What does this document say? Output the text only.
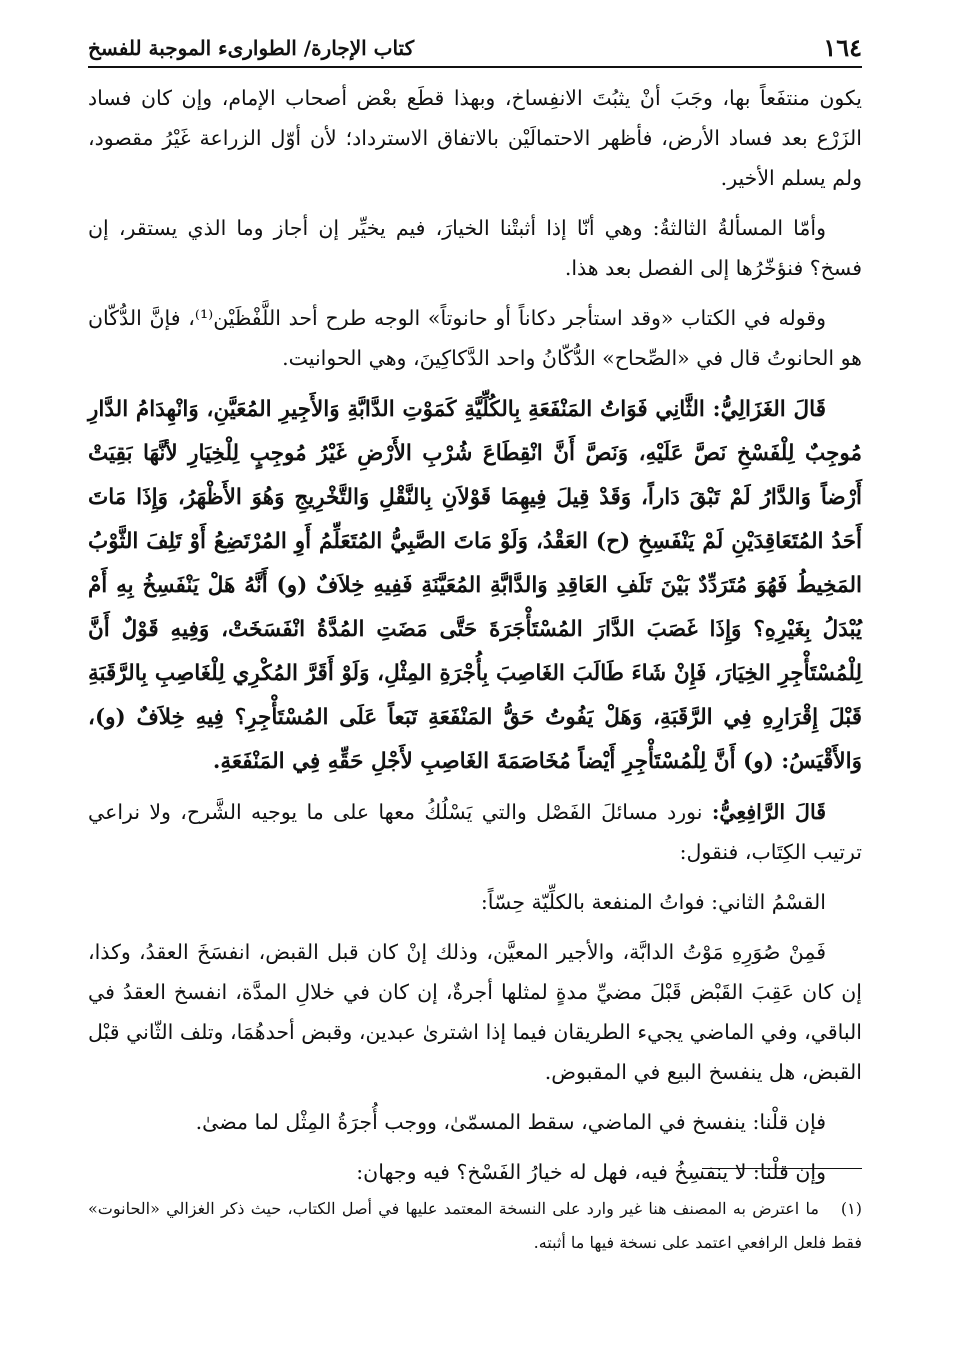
١٦٤
كتاب الإجارة/ الطوارىء الموجبة للفسخ

يكون منتفَعاً بها، وجَبَ أنْ يثبُتَ الانفِساخ، وبهذا قطَع بعْض أصحاب الإمام، وإن كان فساد الزَرْع بعد فساد الأرض، فأظهر الاحتمالَيْن بالاتفاق الاسترداد؛ لأن أوّل الزراعة غَيْرُ مقصود، ولم يسلم الأخير.

وأمّا المسألةُ الثالثةُ: وهي أنّا إذا أثبتْنا الخيارَ، فيم يخيِّر إن أجاز وما الذي يستقر، إن فسخ؟ فنؤخّرُها إلى الفصل بعد هذا.

وقوله في الكتاب «وقد استأجر دكاناً أو حانوتاً» الوجه طرح أحد اللَّفْظَيْن⁽¹⁾، فإنَّ الدُّكّان هو الحانوتُ قال في «الصِّحاح» الدُّكّانُ واحد الدَّكاكِينَ، وهي الحوانيت.

قَالَ الغَزَالِيُّ: الثَّانِي فَوَاتُ المَنْفَعَةِ بِالكُلِّيَّةِ كَمَوْتِ الدَّابَّةِ وَالأَجِيرِ المُعَيَّنِ، وَانْهِدَامُ الدَّارِ مُوجِبٌ لِلْفَسْخِ نَصَّ عَلَيْهِ، وَنَصَّ أَنَّ انْقِطَاعَ شُرْبِ الأَرْضِ غَيْرُ مُوجِبٍ لِلْخِيَارِ لأنَّهَا بَقِيَتْ أَرْضاً وَالدَّارُ لَمْ تَبْقَ دَاراً، وَقَدْ قِيلَ فِيهِمَا قَوْلاَنِ بِالنَّقْلِ وَالتَّخْرِيجِ وَهُوَ الأَظْهَرُ، وَإِذَا مَاتَ أَحَدُ المُتَعَاقِدَيْنِ لَمْ يَنْفَسِخِ (ح) العَقْدُ، وَلَوْ مَاتَ الصَّبِيُّ المُتَعَلِّمُ أَوِ المُرْتَضِعُ أَوْ تَلِفَ الثَّوْبُ المَخِيطُ فَهُوَ مُتَرَدِّدٌ بَيْنَ تَلَفِ العَاقِدِ وَالدَّابَّةِ المُعَيَّنَةِ فَفِيهِ خِلاَفٌ (و) أَنَّهُ هَلْ يَنْفَسِخُ بِهِ أَمْ يُبْدَلُ بِغَيْرِهِ؟ وَإِذَا غَصَبَ الدَّارَ المُسْتَأْجَرَةَ حَتَّى مَضَتِ المُدَّةُ انْفَسَخَتْ، وَفِيهِ قَوْلٌ أَنَّ لِلْمُسْتَأْجِرِ الخِيَارَ، فَإِنْ شَاءَ طَالَبَ الغَاصِبَ بِأُجْرَةِ المِثْلِ، وَلَوْ أَقَرَّ المُكْرِي لِلْغَاصِبِ بِالرَّقَبَةِ قَبْلَ إِقْرَارِهِ فِي الرَّقَبَةِ، وَهَلْ يَفُوتُ حَقُّ المَنْفَعَةِ تَبَعاً عَلَى المُسْتَأْجِرِ؟ فِيهِ خِلاَفٌ (و)، وَالأَقْيَسُ: (و) أَنَّ لِلْمُسْتَأْجِرِ أَيْضاً مُخَاصَمَةَ الغَاصِبِ لأَجْلِ حَقِّهِ فِي المَنْفَعَةِ.

قَالَ الرَّافِعِيُّ: نورد مسائلَ الفَصْل والتي يَسْلُكُ معها على ما يوجيه الشَّرح، ولا نراعي ترتيب الكِتَاب، فنقول:

القسْمُ الثاني: فواتُ المنفعة بالكلِّيّة حِسّاً:

فَمِنْ صُوَرِهِ مَوْتُ الدابَّة، والأجير المعيَّن، وذلك إنْ كان قبل القبض، انفسَخَ العقدُ، وكذا، إن كان عَقِبَ القَبْض قَبْلَ مضيِّ مدةٍ لمثلها أجرةٌ، إن كان في خلالِ المدَّة، انفسخ العقدُ في الباقي، وفي الماضي يجيء الطريقان فيما إذا اشترىٰ عبدين، وقبض أحدهُمَا، وتلف الثّاني قبْل القبض، هل ينفسخ البيع في المقبوض.

فإن قلْنا: ينفسخ في الماضي، سقط المسمّىٰ، ووجب أُجرَةُ المِثْل لما مضىٰ.

وإن قلْنا: لا ينفسِخُ فيه، فهل له خيارُ الفَسْخ؟ فيه وجهان:

(١)ما اعترض به المصنف هنا غير وارد على النسخة المعتمد عليها في أصل الكتاب، حيث ذكر الغزالي «الحانوت» فقط فلعل الرافعي اعتمد على نسخة فيها ما أثبته.
